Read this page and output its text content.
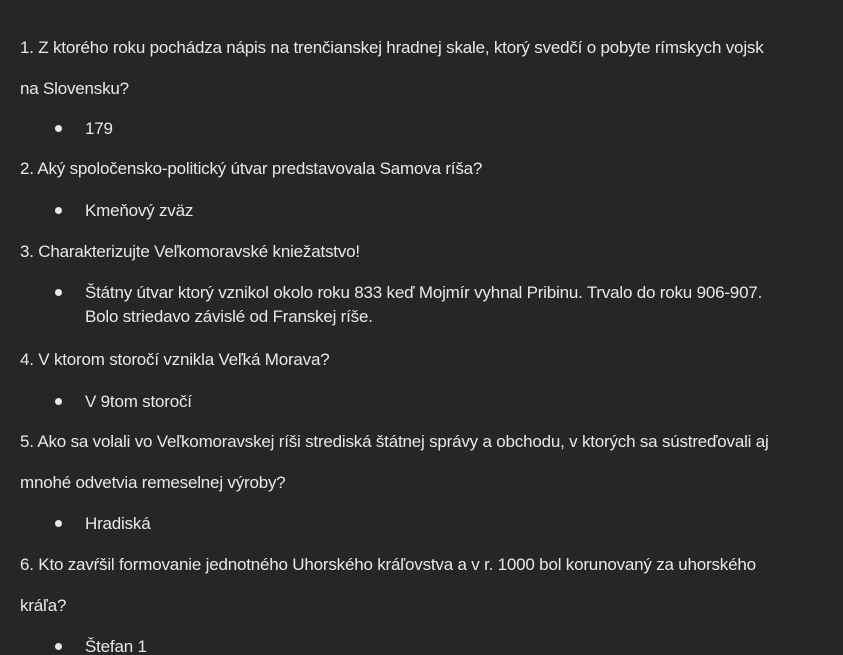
1. Z ktorého roku pochádza nápis na trenčianskej hradnej skale, ktorý svedčí o pobyte rímskych vojsk
na Slovensku?
179
2. Aký spoločensko-politický útvar predstavovala Samova ríša?
Kmeňový zväz
3. Charakterizujte Veľkomoravské kniežatstvo!
Štátny útvar ktorý vznikol okolo roku 833 keď Mojmír vyhnal Pribinu. Trvalo do roku 906-907.
Bolo striedavo závislé od Franskej ríše.
4. V ktorom storočí vznikla Veľká Morava?
V 9tom storočí
5. Ako sa volali vo Veľkomoravskej ríši strediská štátnej správy a obchodu, v ktorých sa sústreďovali aj
mnohé odvetvia remeselnej výroby?
Hradiská
6. Kto zavŕšil formovanie jednotného Uhorského kráľovstva a v r. 1000 bol korunovaný za uhorského
kráľa?
Štefan 1
